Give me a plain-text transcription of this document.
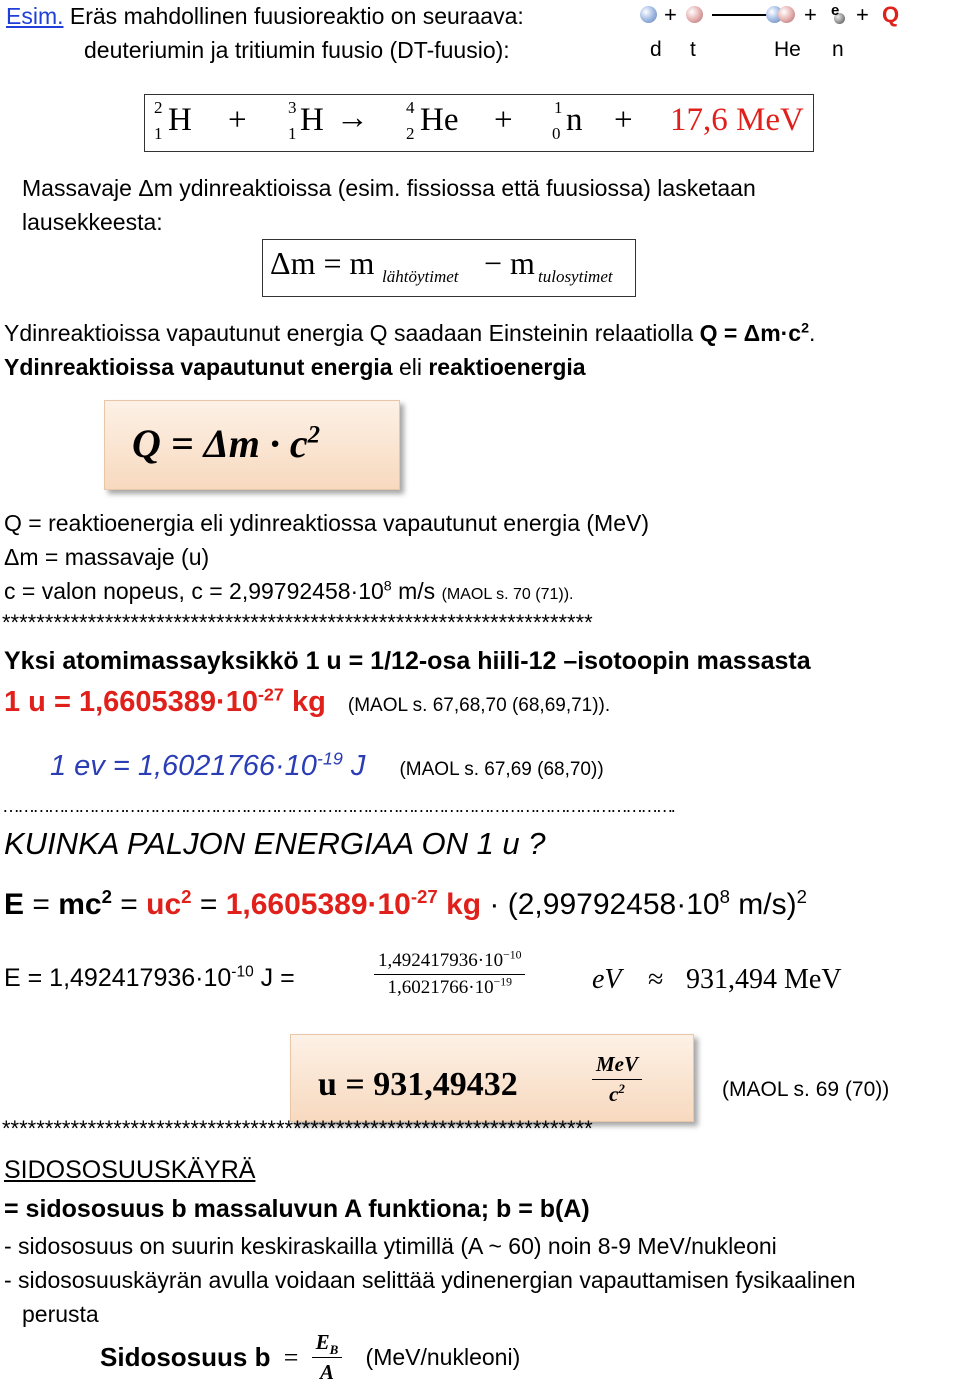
Esim. Eräs mahdollinen fuusioreaktio on seuraava:
deuteriumin ja tritiumin fuusio (DT-fuusio):
+	+ e + Q
d t	He n
2
1 H + 3
1 H → 4
2 He + 1
0 n + 17,6 MeV
Massavaje Δm ydinreaktioissa (esim. fissiossa että fuusiossa) lasketaan
lausekkeesta:
Δm = m lähtöytimet − m tulosytimet
Ydinreaktioissa vapautunut energia Q saadaan Einsteinin relaatiolla $Q = \Delta m\cdot c^2$.
Ydinreaktioissa vapautunut energia eli reaktioenergia
$Q = \Delta m \cdot c^2$
Q = reaktioenergia eli ydinreaktiossa vapautunut energia (MeV)
Δm = massavaje (u)
c = valon nopeus, $c = 2,99792458\cdot 10^8$ m/s (MAOL s. 70 (71)).
*********************************************************************
Yksi atomimassayksikkö 1 u = 1/12-osa hiili-12 –isotoopin massasta
1 $u = 1,6605389\cdot 10^{-27}$ kg (MAOL s. 67,68,70 (68,69,71)).
1 ev = $1,6021766\cdot 10^{-19}$ J (MAOL s. 67,69 (68,70))
…………………………………………………………………………………………………………………….
KUINKA PALJON ENERGIAA ON 1 u ?
$E = mc^2 = uc^2 = 1,6605389\cdot 10^{-27}$ kg · ($2,99792458\cdot 10^8$ m/s)$^2$
$E = 1,492417936\cdot 10^{-10}$ J =	$\frac{1,492417936\cdot 10^{-10}}{1,6021766\cdot 10^{-19}}$ eV ≈ 931,494 MeV
u = 931,49432	$\frac{\text{MeV}}{c^2}$	(MAOL s. 69 (70))
*********************************************************************
SIDOSOSUUSKÄYRÄ
= sidososuus b massaluvun A funktiona; b = b(A)
- sidososuus on suurin keskiraskailla ytimillä (A ~ 60) noin 8-9 MeV/nukleoni
- sidososuuskäyrän avulla voidaan selittää ydinenergian vapauttamisen fysikaalinen
perusta
Sidososuus $b = \frac{E_B}{A}$ (MeV/nukleoni)
